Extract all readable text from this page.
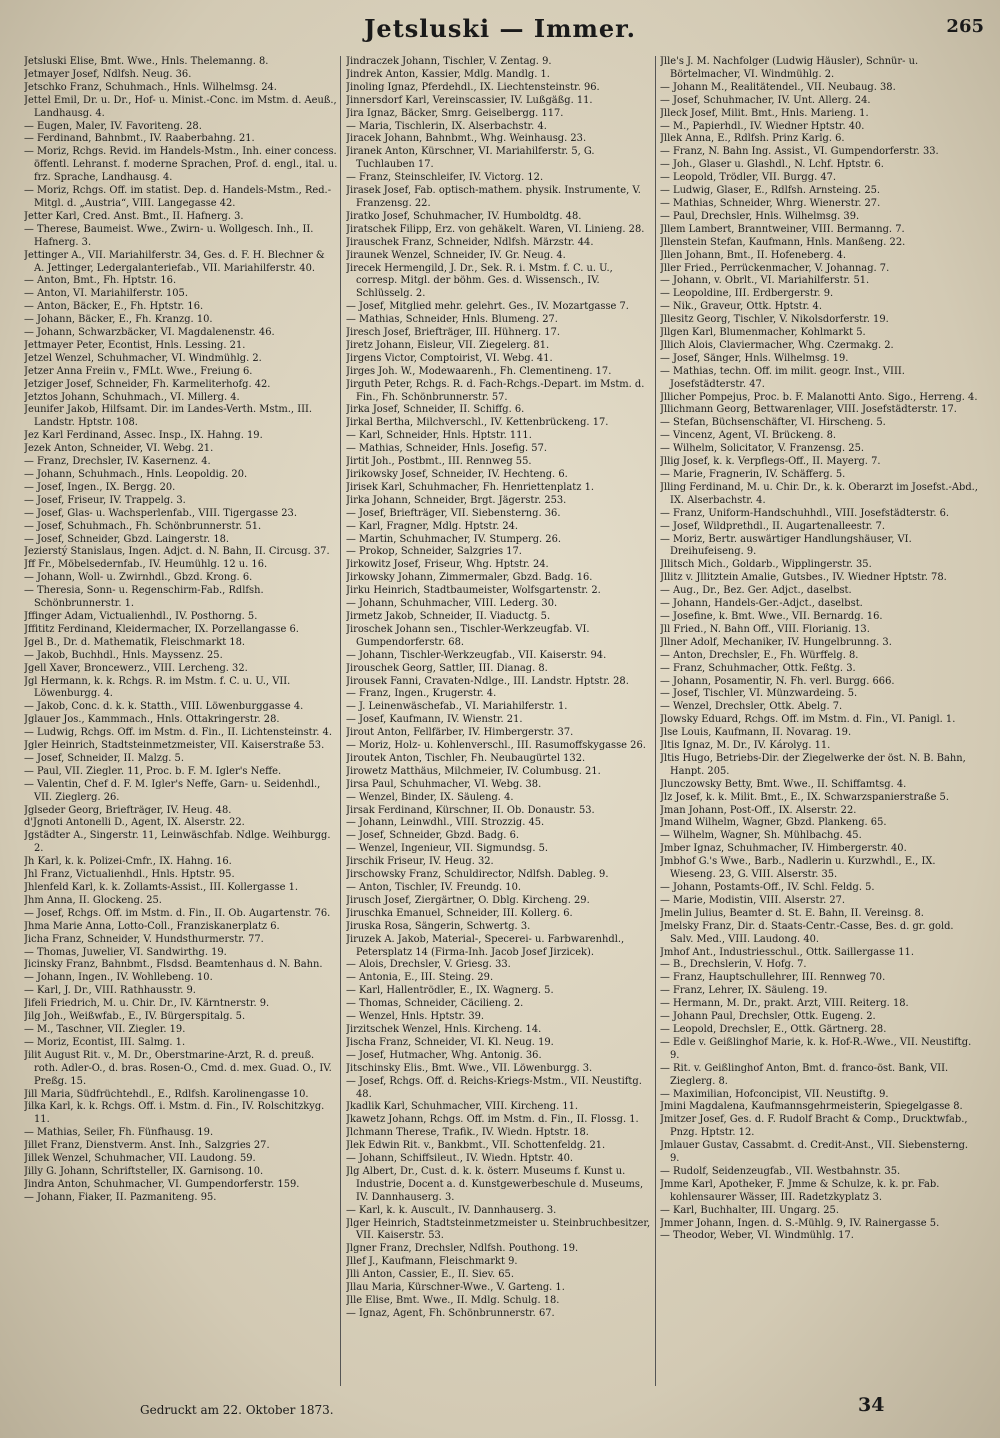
Jetsluski — Immer.	265
Jetsluski Elise, Bmt. Wwe., Hnls. Thelemanng. 8.
Jetmayer Josef, Ndlfsh. Neug. 36.
Jetschko Franz, Schuhmach., Hnls. Wilhelmsg. 24.
Jettel Emil, Dr. u. Dr., Hof- u. Minist.-Conc. im Mstm. d. Aeuß., Landhausg. 4.
— Eugen, Maler, IV. Favoriteng. 28.
— Ferdinand, Bahnbmt., IV. Raaberbahng. 21.
— Moriz, Rchgs. Revid. im Handels-Mstm., Inh. einer concess. öffentl. Lehranst. f. moderne Sprachen, Prof. d. engl., ital. u. frz. Sprache, Landhausg. 4.
— Moriz, Rchgs. Off. im statist. Dep. d. Handels-Mstm., Red.-Mitgl. d. „Austria“, VIII. Langegasse 42.
Jetter Karl, Cred. Anst. Bmt., II. Hafnerg. 3.
— Therese, Baumeist. Wwe., Zwirn- u. Wollgesch. Inh., II. Hafnerg. 3.
Jettinger A., VII. Mariahilferstr. 34, Ges. d. F. H. Blechner & A. Jettinger, Ledergalanteriefab., VII. Mariahilferstr. 40.
— Anton, Bmt., Fh. Hptstr. 16.
— Anton, VI. Mariahilferstr. 105.
— Anton, Bäcker, E., Fh. Hptstr. 16.
— Johann, Bäcker, E., Fh. Kranzg. 10.
— Johann, Schwarzbäcker, VI. Magdalenenstr. 46.
Jettmayer Peter, Econtist, Hnls. Lessing. 21.
Jetzel Wenzel, Schuhmacher, VI. Windmühlg. 2.
Jetzer Anna Freiin v., FMLt. Wwe., Freiung 6.
Jetziger Josef, Schneider, Fh. Karmeliterhofg. 42.
Jetztos Johann, Schuhmach., VI. Millerg. 4.
Jeunifer Jakob, Hilfsamt. Dir. im Landes-Verth. Mstm., III. Landstr. Hptstr. 108.
Jez Karl Ferdinand, Assec. Insp., IX. Hahng. 19.
Jezek Anton, Schneider, VI. Webg. 21.
— Franz, Drechsler, IV. Kasernenz. 4.
— Johann, Schuhmach., Hnls. Leopoldig. 20.
— Josef, Ingen., IX. Bergg. 20.
— Josef, Friseur, IV. Trappelg. 3.
— Josef, Glas- u. Wachsperlenfab., VIII. Tigergasse 23.
— Josef, Schuhmach., Fh. Schönbrunnerstr. 51.
— Josef, Schneider, Gbzd. Laingerstr. 18.
Jezierstý Stanislaus, Ingen. Adjct. d. N. Bahn, II. Circusg. 37.
Jff Fr., Möbelsedernfab., IV. Heumühlg. 12 u. 16.
— Johann, Woll- u. Zwirnhdl., Gbzd. Krong. 6.
— Theresia, Sonn- u. Regenschirm-Fab., Rdlfsh. Schönbrunnerstr. 1.
Jffinger Adam, Victualienhdl., IV. Posthorng. 5.
Jffititz Ferdinand, Kleidermacher, IX. Porzellangasse 6.
Jgel B., Dr. d. Mathematik, Fleischmarkt 18.
— Jakob, Buchhdl., Hnls. Mayssenz. 25.
Jgell Xaver, Broncewerz., VIII. Lercheng. 32.
Jgl Hermann, k. k. Rchgs. R. im Mstm. f. C. u. U., VII. Löwenburgg. 4.
— Jakob, Conc. d. k. k. Statth., VIII. Löwenburggasse 4.
Jglauer Jos., Kammmach., Hnls. Ottakringerstr. 28.
— Ludwig, Rchgs. Off. im Mstm. d. Fin., II. Lichtensteinstr. 4.
Jgler Heinrich, Stadtsteinmetzmeister, VII. Kaiserstraße 53.
— Josef, Schneider, II. Malzg. 5.
— Paul, VII. Ziegler. 11, Proc. b. F. M. Igler's Neffe.
— Valentin, Chef d. F. M. Igler's Neffe, Garn- u. Seidenhdl., VII. Zieglerg. 26.
Jglseder Georg, Briefträger, IV. Heug. 48.
d'Jgnoti Antonelli D., Agent, IX. Alserstr. 22.
Jgstädter A., Singerstr. 11, Leinwäschfab. Ndlge. Weihburgg. 2.
Jh Karl, k. k. Polizei-Cmfr., IX. Hahng. 16.
Jhl Franz, Victualienhdl., Hnls. Hptstr. 95.
Jhlenfeld Karl, k. k. Zollamts-Assist., III. Kollergasse 1.
Jhm Anna, II. Glockeng. 25.
— Josef, Rchgs. Off. im Mstm. d. Fin., II. Ob. Augartenstr. 76.
Jhma Marie Anna, Lotto-Coll., Franziskanerplatz 6.
Jicha Franz, Schneider, V. Hundsthurmerstr. 77.
— Thomas, Juwelier, VI. Sandwirthg. 19.
Jicinsky Franz, Bahnbmt., Flsdsd. Beamtenhaus d. N. Bahn.
— Johann, Ingen., IV. Wohllebeng. 10.
— Karl, J. Dr., VIII. Rathhausstr. 9.
Jifeli Friedrich, M. u. Chir. Dr., IV. Kärntnerstr. 9.
Jilg Joh., Weißwfab., E., IV. Bürgerspitalg. 5.
— M., Taschner, VII. Ziegler. 19.
— Moriz, Econtist, III. Salmg. 1.
Jilit August Rit. v., M. Dr., Oberstmarine-Arzt, R. d. preuß. roth. Adler-O., d. bras. Rosen-O., Cmd. d. mex. Guad. O., IV. Preßg. 15.
Jill Maria, Südfrüchtehdl., E., Rdlfsh. Karolinengasse 10.
Jilka Karl, k. k. Rchgs. Off. i. Mstm. d. Fin., IV. Rolschitzkyg. 11.
— Mathias, Seiler, Fh. Fünfhausg. 19.
Jillet Franz, Dienstverm. Anst. Inh., Salzgries 27.
Jillek Wenzel, Schuhmacher, VII. Laudong. 59.
Jilly G. Johann, Schriftsteller, IX. Garnisong. 10.
Jindra Anton, Schuhmacher, VI. Gumpendorferstr. 159.
— Johann, Fiaker, II. Pazmaniteng. 95.
Jindraczek Johann, Tischler, V. Zentag. 9.
Jindrek Anton, Kassier, Mdlg. Mandlg. 1.
Jinoling Ignaz, Pferdehdl., IX. Liechtensteinstr. 96.
Jinnersdorf Karl, Vereinscassier, IV. Lußgäßg. 11.
Jira Ignaz, Bäcker, Smrg. Geiselbergg. 117.
— Maria, Tischlerin, IX. Alserbachstr. 4.
Jiracek Johann, Bahnbmt., Whg. Weinhausg. 23.
Jiranek Anton, Kürschner, VI. Mariahilferstr. 5, G. Tuchlauben 17.
— Franz, Steinschleifer, IV. Victorg. 12.
Jirasek Josef, Fab. optisch-mathem. physik. Instrumente, V. Franzensg. 22.
Jiratko Josef, Schuhmacher, IV. Humboldtg. 48.
Jiratschek Filipp, Erz. von gehäkelt. Waren, VI. Linieng. 28.
Jirauschek Franz, Schneider, Ndlfsh. Märzstr. 44.
Jiraunek Wenzel, Schneider, IV. Gr. Neug. 4.
Jirecek Hermengild, J. Dr., Sek. R. i. Mstm. f. C. u. U., corresp. Mitgl. der böhm. Ges. d. Wissensch., IV. Schlüsselg. 2.
— Josef, Mitglied mehr. gelehrt. Ges., IV. Mozartgasse 7.
— Mathias, Schneider, Hnls. Blumeng. 27.
Jiresch Josef, Briefträger, III. Hühnerg. 17.
Jiretz Johann, Eisleur, VII. Ziegelerg. 81.
Jirgens Victor, Comptoirist, VI. Webg. 41.
Jirges Joh. W., Modewaarenh., Fh. Clementineng. 17.
Jirguth Peter, Rchgs. R. d. Fach-Rchgs.-Depart. im Mstm. d. Fin., Fh. Schönbrunnerstr. 57.
Jirka Josef, Schneider, II. Schiffg. 6.
Jirkal Bertha, Milchverschl., IV. Kettenbrückeng. 17.
— Karl, Schneider, Hnls. Hptstr. 111.
— Mathias, Schneider, Hnls. Josefig. 57.
Jirtit Joh., Postbmt., III. Rennweg 55.
Jirikowsky Josef, Schneider, IV. Hechteng. 6.
Jirisek Karl, Schuhmacher, Fh. Henriettenplatz 1.
Jirka Johann, Schneider, Brgt. Jägerstr. 253.
— Josef, Briefträger, VII. Siebensterng. 36.
— Karl, Fragner, Mdlg. Hptstr. 24.
— Martin, Schuhmacher, IV. Stumperg. 26.
— Prokop, Schneider, Salzgries 17.
Jirkowitz Josef, Friseur, Whg. Hptstr. 24.
Jirkowsky Johann, Zimmermaler, Gbzd. Badg. 16.
Jirku Heinrich, Stadtbaumeister, Wolfsgartenstr. 2.
— Johann, Schuhmacher, VIII. Lederg. 30.
Jirmetz Jakob, Schneider, II. Viaductg. 5.
Jiroschek Johann sen., Tischler-Werkzeugfab. VI. Gumpendorferstr. 68.
— Johann, Tischler-Werkzeugfab., VII. Kaiserstr. 94.
Jirouschek Georg, Sattler, III. Dianag. 8.
Jirousek Fanni, Cravaten-Ndlge., III. Landstr. Hptstr. 28.
— Franz, Ingen., Krugerstr. 4.
— J. Leinenwäschefab., VI. Mariahilferstr. 1.
— Josef, Kaufmann, IV. Wienstr. 21.
Jirout Anton, Fellfärber, IV. Himbergerstr. 37.
— Moriz, Holz- u. Kohlenverschl., III. Rasumoffskygasse 26.
Jiroutek Anton, Tischler, Fh. Neubaugürtel 132.
Jirowetz Matthäus, Milchmeier, IV. Columbusg. 21.
Jirsa Paul, Schuhmacher, VI. Webg. 38.
— Wenzel, Binder, IX. Säuleng. 4.
Jirsak Ferdinand, Kürschner, II. Ob. Donaustr. 53.
— Johann, Leinwdhl., VIII. Strozzig. 45.
— Josef, Schneider, Gbzd. Badg. 6.
— Wenzel, Ingenieur, VII. Sigmundsg. 5.
Jirschik Friseur, IV. Heug. 32.
Jirschowsky Franz, Schuldirector, Ndlfsh. Dableg. 9.
— Anton, Tischler, IV. Freundg. 10.
Jirusch Josef, Ziergärtner, O. Dblg. Kircheng. 29.
Jiruschka Emanuel, Schneider, III. Kollerg. 6.
Jiruska Rosa, Sängerin, Schwertg. 3.
Jiruzek A. Jakob, Material-, Specerei- u. Farbwarenhdl., Petersplatz 14 (Firma-Inh. Jacob Josef Jirzicek).
— Alois, Drechsler, V. Griesg. 33.
— Antonia, E., III. Steing. 29.
— Karl, Hallentrödler, E., IX. Wagnerg. 5.
— Thomas, Schneider, Cäcilieng. 2.
— Wenzel, Hnls. Hptstr. 39.
Jirzitschek Wenzel, Hnls. Kircheng. 14.
Jischa Franz, Schneider, VI. Kl. Neug. 19.
— Josef, Hutmacher, Whg. Antonig. 36.
Jitschinsky Elis., Bmt. Wwe., VII. Löwenburgg. 3.
— Josef, Rchgs. Off. d. Reichs-Kriegs-Mstm., VII. Neustiftg. 48.
Jkadlik Karl, Schuhmacher, VIII. Kircheng. 11.
Jkawetz Johann, Rchgs. Off. im Mstm. d. Fin., II. Flossg. 1.
Jlchmann Therese, Trafik., IV. Wiedn. Hptstr. 18.
Jlek Edwin Rit. v., Bankbmt., VII. Schottenfeldg. 21.
— Johann, Schiffsileut., IV. Wiedn. Hptstr. 40.
Jlg Albert, Dr., Cust. d. k. k. österr. Museums f. Kunst u. Industrie, Docent a. d. Kunstgewerbeschule d. Museums, IV. Dannhauserg. 3.
— Karl, k. k. Auscult., IV. Dannhauserg. 3.
Jlger Heinrich, Stadtsteinmetzmeister u. Steinbruchbesitzer, VII. Kaiserstr. 53.
Jlgner Franz, Drechsler, Ndlfsh. Pouthong. 19.
Jllef J., Kaufmann, Fleischmarkt 9.
Jlli Anton, Cassier, E., II. Siev. 65.
Jllau Maria, Kürschner-Wwe., V. Garteng. 1.
Jlle Elise, Bmt. Wwe., II. Mdlg. Schulg. 18.
— Ignaz, Agent, Fh. Schönbrunnerstr. 67.
Jlle's J. M. Nachfolger (Ludwig Häusler), Schnür- u. Börtelmacher, VI. Windmühlg. 2.
— Johann M., Realitätendel., VII. Neubaug. 38.
— Josef, Schuhmacher, IV. Unt. Allerg. 24.
Jlleck Josef, Milit. Bmt., Hnls. Marieng. 1.
— M., Papierhdl., IV. Wiedner Hptstr. 40.
Jllek Anna, E., Rdlfsh. Prinz Karlg. 6.
— Franz, N. Bahn Ing. Assist., VI. Gumpendorferstr. 33.
— Joh., Glaser u. Glashdl., N. Lchf. Hptstr. 6.
— Leopold, Trödler, VII. Burgg. 47.
— Ludwig, Glaser, E., Rdlfsh. Arnsteing. 25.
— Mathias, Schneider, Whrg. Wienerstr. 27.
— Paul, Drechsler, Hnls. Wilhelmsg. 39.
Jllem Lambert, Branntweiner, VIII. Bermanng. 7.
Jllenstein Stefan, Kaufmann, Hnls. Manßeng. 22.
Jllen Johann, Bmt., II. Hofeneberg. 4.
Jller Fried., Perrückenmacher, V. Johannag. 7.
— Johann, v. Obrlt., VI. Mariahilferstr. 51.
— Leopoldine, III. Erdbergerstr. 9.
— Nik., Graveur, Ottk. Hptstr. 4.
Jllesitz Georg, Tischler, V. Nikolsdorferstr. 19.
Jllgen Karl, Blumenmacher, Kohlmarkt 5.
Jllich Alois, Claviermacher, Whg. Czermakg. 2.
— Josef, Sänger, Hnls. Wilhelmsg. 19.
— Mathias, techn. Off. im milit. geogr. Inst., VIII. Josefstädterstr. 47.
Jllicher Pompejus, Proc. b. F. Malanotti Anto. Sigo., Herreng. 4.
Jllichmann Georg, Bettwarenlager, VIII. Josefstädterstr. 17.
— Stefan, Büchsenschäfter, VI. Hirscheng. 5.
— Vincenz, Agent, VI. Brückeng. 8.
— Wilhelm, Solicitator, V. Franzensg. 25.
Jllig Josef, k. k. Verpflegs-Off., II. Mayerg. 7.
— Marie, Fragnerin, IV. Schäfferg. 5.
Jlling Ferdinand, M. u. Chir. Dr., k. k. Oberarzt im Josefst.-Abd., IX. Alserbachstr. 4.
— Franz, Uniform-Handschuhhdl., VIII. Josefstädterstr. 6.
— Josef, Wildprethdl., II. Augartenalleestr. 7.
— Moriz, Bertr. auswärtiger Handlungshäuser, VI. Dreihufeiseng. 9.
Jllitsch Mich., Goldarb., Wipplingerstr. 35.
Jllitz v. Jllitztein Amalie, Gutsbes., IV. Wiedner Hptstr. 78.
— Aug., Dr., Bez. Ger. Adjct., daselbst.
— Johann, Handels-Ger.-Adjct., daselbst.
— Josefine, k. Bmt. Wwe., VII. Bernardg. 16.
Jll Fried., N. Bahn Off., VIII. Florianig. 13.
Jllner Adolf, Mechaniker, IV. Hungelbrunng. 3.
— Anton, Drechsler, E., Fh. Würffelg. 8.
— Franz, Schuhmacher, Ottk. Feßtg. 3.
— Johann, Posamentir, N. Fh. verl. Burgg. 666.
— Josef, Tischler, VI. Münzwardeing. 5.
— Wenzel, Drechsler, Ottk. Abelg. 7.
Jlowsky Eduard, Rchgs. Off. im Mstm. d. Fin., VI. Panigl. 1.
Jlse Louis, Kaufmann, II. Novarag. 19.
Jltis Ignaz, M. Dr., IV. Károlyg. 11.
Jltis Hugo, Betriebs-Dir. der Ziegelwerke der öst. N. B. Bahn, Hanpt. 205.
Jlunczowsky Betty, Bmt. Wwe., II. Schiffamtsg. 4.
Jlz Josef, k. k. Milit. Bmt., E., IX. Schwarzspanierstraße 5.
Jman Johann, Post-Off., IX. Alserstr. 22.
Jmand Wilhelm, Wagner, Gbzd. Plankeng. 65.
— Wilhelm, Wagner, Sh. Mühlbachg. 45.
Jmber Ignaz, Schuhmacher, IV. Himbergerstr. 40.
Jmbhof G.'s Wwe., Barb., Nadlerin u. Kurzwhdl., E., IX. Wieseng. 23, G. VIII. Alserstr. 35.
— Johann, Postamts-Off., IV. Schl. Feldg. 5.
— Marie, Modistin, VIII. Alserstr. 27.
Jmelin Julius, Beamter d. St. E. Bahn, II. Vereinsg. 8.
Jmelsky Franz, Dir. d. Staats-Centr.-Casse, Bes. d. gr. gold. Salv. Med., VIII. Laudong. 40.
Jmhof Ant., Industriesschul., Ottk. Saillergasse 11.
— B., Drechslerin, V. Hofg. 7.
— Franz, Hauptschullehrer, III. Rennweg 70.
— Franz, Lehrer, IX. Säuleng. 19.
— Hermann, M. Dr., prakt. Arzt, VIII. Reiterg. 18.
— Johann Paul, Drechsler, Ottk. Eugeng. 2.
— Leopold, Drechsler, E., Ottk. Gärtnerg. 28.
— Edle v. Geißlinghof Marie, k. k. Hof-R.-Wwe., VII. Neustiftg. 9.
— Rit. v. Geißlinghof Anton, Bmt. d. franco-öst. Bank, VII. Zieglerg. 8.
— Maximilian, Hofconcipist, VII. Neustiftg. 9.
Jmini Magdalena, Kaufmannsgehrmeisterin, Spiegelgasse 8.
Jmitzer Josef, Ges. d. F. Rudolf Bracht & Comp., Drucktwfab., Pnzg. Hptstr. 12.
Jmlauer Gustav, Cassabmt. d. Credit-Anst., VII. Siebensterng. 9.
— Rudolf, Seidenzeugfab., VII. Westbahnstr. 35.
Jmme Karl, Apotheker, F. Jmme & Schulze, k. k. pr. Fab. kohlensaurer Wässer, III. Radetzkyplatz 3.
— Karl, Buchhalter, III. Ungarg. 25.
Jmmer Johann, Ingen. d. S.-Mühlg. 9, IV. Rainergasse 5.
— Theodor, Weber, VI. Windmühlg. 17.
Gedruckt am 22. Oktober 1873.	34
